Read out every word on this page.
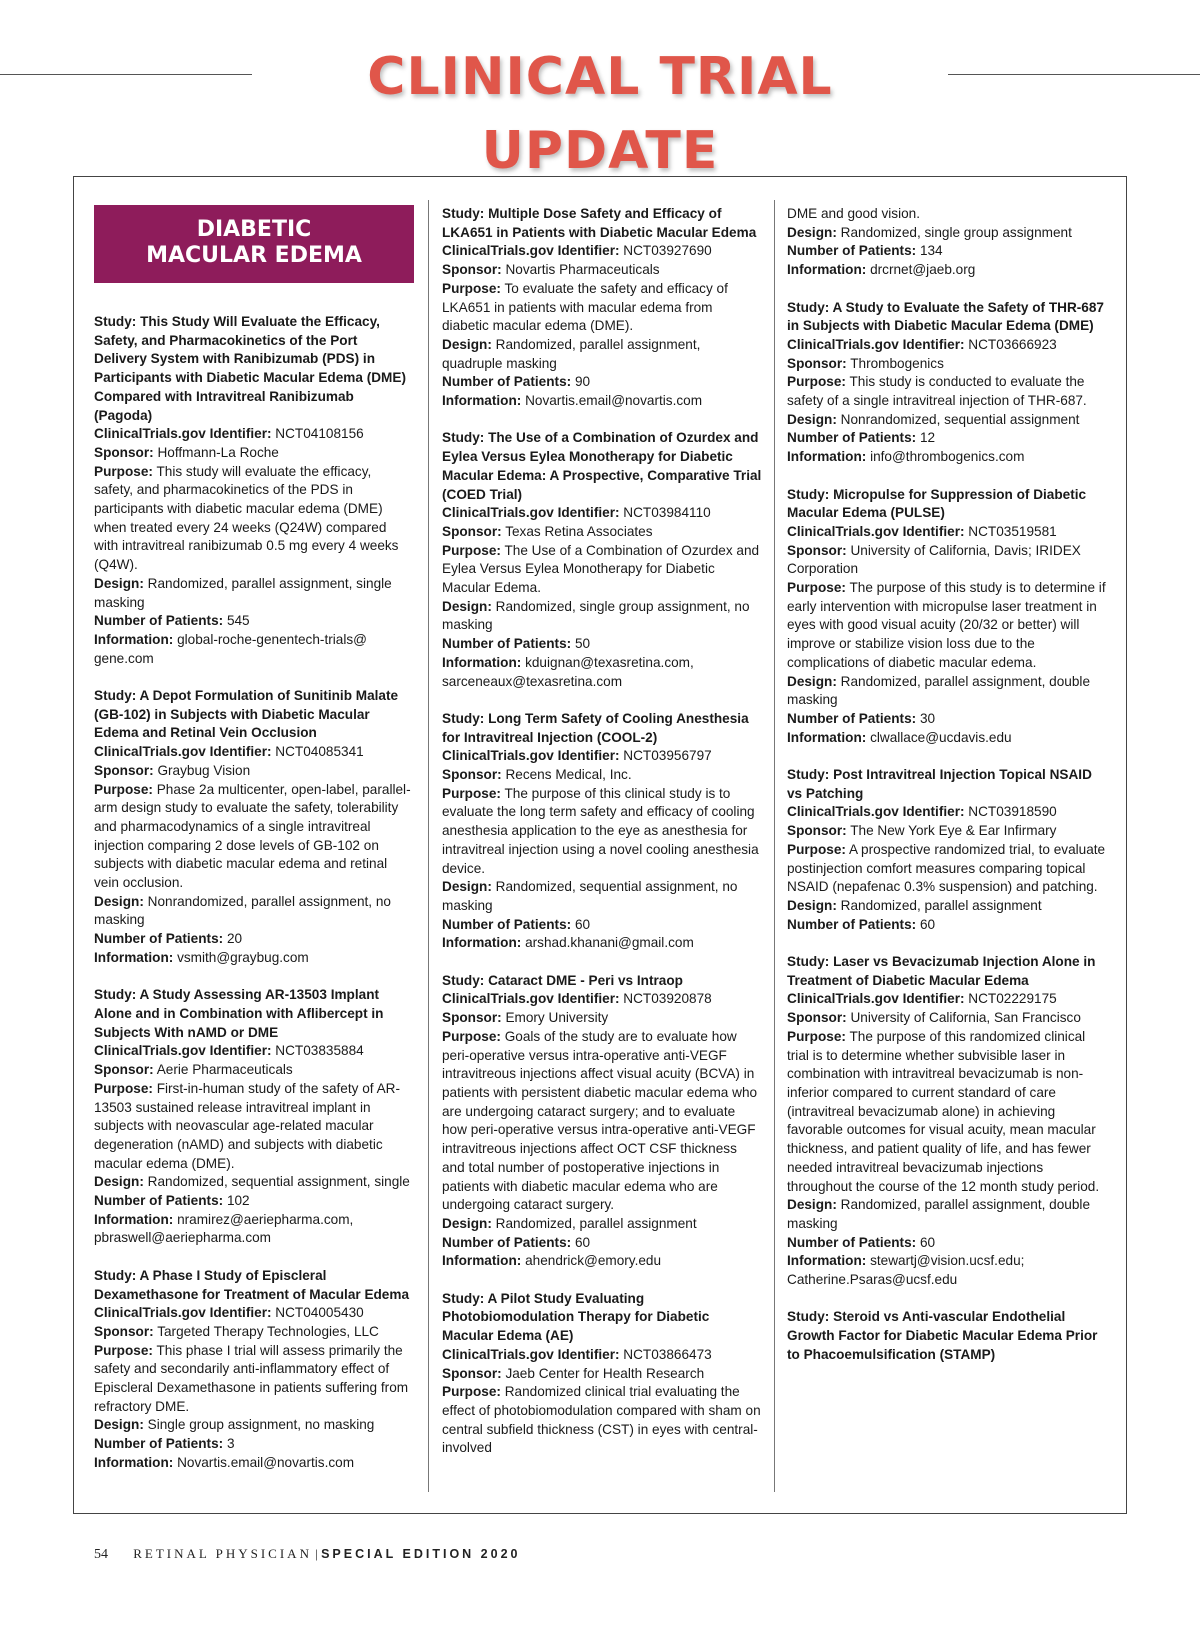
CLINICAL TRIAL UPDATE
DIABETIC
MACULAR EDEMA

Study: This Study Will Evaluate the Efficacy, Safety, and Pharmacokinetics of the Port Delivery System with Ranibizumab (PDS) in Participants with Diabetic Macular Edema (DME) Compared with Intravitreal Ranibizumab (Pagoda)

ClinicalTrials.gov Identifier: NCT04108156

Sponsor: Hoffmann-La Roche

Purpose: This study will evaluate the efficacy, safety, and pharmacokinetics of the PDS in participants with diabetic macular edema (DME) when treated every 24 weeks (Q24W) compared with intravitreal ranibizumab 0.5 mg every 4 weeks (Q4W).

Design: Randomized, parallel assignment, single masking

Number of Patients: 545

Information: global-roche-genentech-trials@ gene.com

Study: A Depot Formulation of Sunitinib Malate (GB-102) in Subjects with Diabetic Macular Edema and Retinal Vein Occlusion

ClinicalTrials.gov Identifier: NCT04085341

Sponsor: Graybug Vision

Purpose: Phase 2a multicenter, open-label, parallel-arm design study to evaluate the safety, tolerability and pharmacodynamics of a single intravitreal injection comparing 2 dose levels of GB-102 on subjects with diabetic macular edema and retinal vein occlusion.

Design: Nonrandomized, parallel assignment, no masking

Number of Patients: 20

Information: vsmith@graybug.com

Study: A Study Assessing AR-13503 Implant Alone and in Combination with Aflibercept in Subjects With nAMD or DME

ClinicalTrials.gov Identifier: NCT03835884

Sponsor: Aerie Pharmaceuticals

Purpose: First-in-human study of the safety of AR-13503 sustained release intravitreal implant in subjects with neovascular age-related macular degeneration (nAMD) and subjects with diabetic macular edema (DME).

Design: Randomized, sequential assignment, single

Number of Patients: 102

Information: nramirez@aeriepharma.com, pbraswell@aeriepharma.com

Study: A Phase I Study of Episcleral Dexamethasone for Treatment of Macular Edema

ClinicalTrials.gov Identifier: NCT04005430

Sponsor: Targeted Therapy Technologies, LLC

Purpose: This phase I trial will assess primarily the safety and secondarily anti-inflammatory effect of Episcleral Dexamethasone in patients suffering from refractory DME.

Design: Single group assignment, no masking

Number of Patients: 3

Information: Novartis.email@novartis.com

Study: Multiple Dose Safety and Efficacy of LKA651 in Patients with Diabetic Macular Edema

ClinicalTrials.gov Identifier: NCT03927690

Sponsor: Novartis Pharmaceuticals

Purpose: To evaluate the safety and efficacy of LKA651 in patients with macular edema from diabetic macular edema (DME).

Design: Randomized, parallel assignment, quadruple masking

Number of Patients: 90

Information: Novartis.email@novartis.com

Study: The Use of a Combination of Ozurdex and Eylea Versus Eylea Monotherapy for Diabetic Macular Edema: A Prospective, Comparative Trial (COED Trial)

ClinicalTrials.gov Identifier: NCT03984110

Sponsor: Texas Retina Associates

Purpose: The Use of a Combination of Ozurdex and Eylea Versus Eylea Monotherapy for Diabetic Macular Edema.

Design: Randomized, single group assignment, no masking

Number of Patients: 50

Information: kduignan@texasretina.com, sarceneaux@texasretina.com

Study: Long Term Safety of Cooling Anesthesia for Intravitreal Injection (COOL-2)

ClinicalTrials.gov Identifier: NCT03956797

Sponsor: Recens Medical, Inc.

Purpose: The purpose of this clinical study is to evaluate the long term safety and efficacy of cooling anesthesia application to the eye as anesthesia for intravitreal injection using a novel cooling anesthesia device.

Design: Randomized, sequential assignment, no masking

Number of Patients: 60

Information: arshad.khanani@gmail.com

Study: Cataract DME - Peri vs Intraop

ClinicalTrials.gov Identifier: NCT03920878

Sponsor: Emory University

Purpose: Goals of the study are to evaluate how peri-operative versus intra-operative anti-VEGF intravitreous injections affect visual acuity (BCVA) in patients with persistent diabetic macular edema who are undergoing cataract surgery; and to evaluate how peri-operative versus intra-operative anti-VEGF intravitreous injections affect OCT CSF thickness and total number of postoperative injections in patients with diabetic macular edema who are undergoing cataract surgery.

Design: Randomized, parallel assignment

Number of Patients: 60

Information: ahendrick@emory.edu

Study: A Pilot Study Evaluating Photobiomodulation Therapy for Diabetic Macular Edema (AE)

ClinicalTrials.gov Identifier: NCT03866473

Sponsor: Jaeb Center for Health Research

Purpose: Randomized clinical trial evaluating the effect of photobiomodulation compared with sham on central subfield thickness (CST) in eyes with central-involved

DME and good vision.

Design: Randomized, single group assignment

Number of Patients: 134

Information: drcrnet@jaeb.org

Study: A Study to Evaluate the Safety of THR-687 in Subjects with Diabetic Macular Edema (DME)

ClinicalTrials.gov Identifier: NCT03666923

Sponsor: Thrombogenics

Purpose: This study is conducted to evaluate the safety of a single intravitreal injection of THR-687.

Design: Nonrandomized, sequential assignment

Number of Patients: 12

Information: info@thrombogenics.com

Study: Micropulse for Suppression of Diabetic Macular Edema (PULSE)

ClinicalTrials.gov Identifier: NCT03519581

Sponsor: University of California, Davis; IRIDEX Corporation

Purpose: The purpose of this study is to determine if early intervention with micropulse laser treatment in eyes with good visual acuity (20/32 or better) will improve or stabilize vision loss due to the complications of diabetic macular edema.

Design: Randomized, parallel assignment, double masking

Number of Patients: 30

Information: clwallace@ucdavis.edu

Study: Post Intravitreal Injection Topical NSAID vs Patching

ClinicalTrials.gov Identifier: NCT03918590

Sponsor: The New York Eye & Ear Infirmary

Purpose: A prospective randomized trial, to evaluate postinjection comfort measures comparing topical NSAID (nepafenac 0.3% suspension) and patching.

Design: Randomized, parallel assignment

Number of Patients: 60

Study: Laser vs Bevacizumab Injection Alone in Treatment of Diabetic Macular Edema

ClinicalTrials.gov Identifier: NCT02229175

Sponsor: University of California, San Francisco

Purpose: The purpose of this randomized clinical trial is to determine whether subvisible laser in combination with intravitreal bevacizumab is non-inferior compared to current standard of care (intravitreal bevacizumab alone) in achieving favorable outcomes for visual acuity, mean macular thickness, and patient quality of life, and has fewer needed intravitreal bevacizumab injections throughout the course of the 12 month study period.

Design: Randomized, parallel assignment, double masking

Number of Patients: 60

Information: stewartj@vision.ucsf.edu; Catherine.Psaras@ucsf.edu

Study: Steroid vs Anti-vascular Endothelial Growth Factor for Diabetic Macular Edema Prior to Phacoemulsification (STAMP)

54 RETINAL PHYSICIAN | SPECIAL EDITION 2020
